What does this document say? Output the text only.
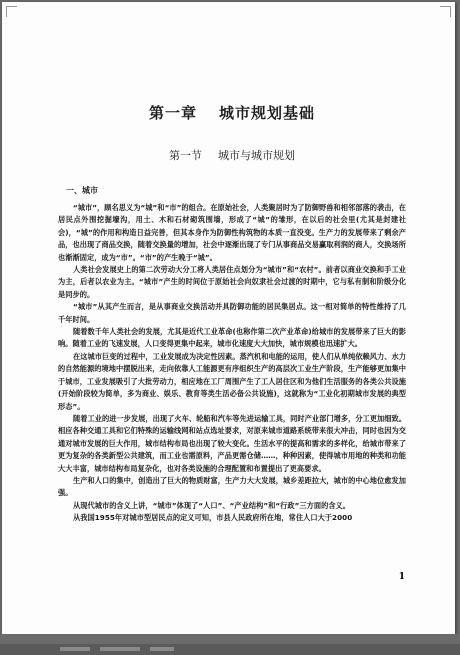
第一章 城市规划基础
第一节 城市与城市规划
一、城市

“城市”，顾名思义为“城”和“市”的组合。在原始社会，人类聚居时为了防御野兽和相邻部落的袭击，在居民点外围挖掘壕沟，用土、木和石材砌筑围墙，形成了“城”的雏形，在以后的社会里(尤其是封建社会)，“城”的作用和构造日益完善，但其本身作为防御性构筑物的本质一直没变。生产力的发展带来了剩余产品，也出现了商品交换，随着交换量的增加，社会中逐渐出现了专门从事商品交易赢取利润的商人，交换场所也渐渐固定，成为“市”。“市”的产生晚于“城”。

人类社会发展史上的第二次劳动大分工将人类居住点划分为“城市”和“农村”。前者以商业交换和手工业为主，后者以农业为主。“城市”产生的时间位于原始社会向奴隶社会过渡的时期中，它与私有制和阶级分化是同步的。

“城市”从其产生而言，是从事商业交换活动并具防御功能的居民集居点。这一相对简单的特性维持了几千年时间。

随着数千年人类社会的发展，尤其是近代工业革命(也称作第二次产业革命)给城市的发展带来了巨大的影响。随着工业的飞速发展，人口变得更集中起来，城市化速度大大加快，城市规模也迅速扩大。

在这城市巨变的过程中，工业发展成为决定性因素。蒸汽机和电能的运用，使人们从单纯依赖风力、水力的自然能源的境地中摆脱出来，走向依靠人工能源更有序组织生产的高层次工业生产阶段，生产能够更加集中于城市，工业发展吸引了大批劳动力，相应地在工厂周围产生了工人居住区和为他们生活服务的各类公共设施(开始阶段较为简单，多为商业、娱乐、教育等类生活必备公共设施)，这就称为“工业化初期城市发展的典型形态”。

随着工业的进一步发展，出现了火车、轮船和汽车等先进运输工具，同时产业部门增多，分工更加细致。相应各种交通工具和它们特殊的运输线网和站点选址要求，对原来城市道路系统带来很大冲击，同时也因为交通对城市发展的巨大作用，城市结构布局也出现了较大变化。生活水平的提高和需求的多样化，给城市带来了更为复杂的各类新型公共建筑，而工业也需原料，产品更需仓储……，种种因素，使得城市用地的种类和功能大大丰富，城市结构布局复杂化，也对各类设施的合理配置和布置提出了更高要求。

生产和人口的集中，创造出了巨大的物质财富，生产力大大发展，城乡差距拉大，城市的中心地位愈发加强。

从现代城市的含义上讲，“城市”体现了“人口”、“产业结构”和“行政”三方面的含义。

从我国1955年对城市型居民点的定义可知，市县人民政府所在地，常住人口大于2000

1
